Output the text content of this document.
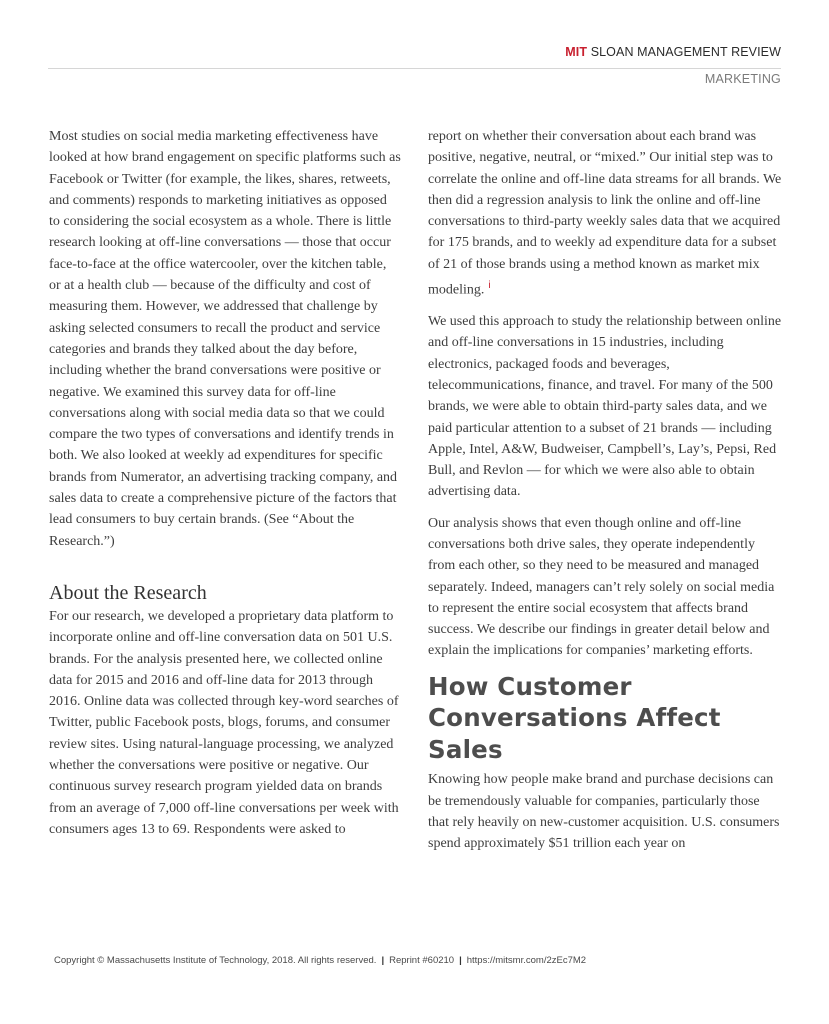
MIT SLOAN MANAGEMENT REVIEW
MARKETING

Most studies on social media marketing effectiveness have looked at how brand engagement on specific platforms such as Facebook or Twitter (for example, the likes, shares, retweets, and comments) responds to marketing initiatives as opposed to considering the social ecosystem as a whole. There is little research looking at off-line conversations — those that occur face-to-face at the office watercooler, over the kitchen table, or at a health club — because of the difficulty and cost of measuring them. However, we addressed that challenge by asking selected consumers to recall the product and service categories and brands they talked about the day before, including whether the brand conversations were positive or negative. We examined this survey data for off-line conversations along with social media data so that we could compare the two types of conversations and identify trends in both. We also looked at weekly ad expenditures for specific brands from Numerator, an advertising tracking company, and sales data to create a comprehensive picture of the factors that lead consumers to buy certain brands. (See “About the Research.”)

About the Research

For our research, we developed a proprietary data platform to incorporate online and off-line conversation data on 501 U.S. brands. For the analysis presented here, we collected online data for 2015 and 2016 and off-line data for 2013 through 2016. Online data was collected through key-word searches of Twitter, public Facebook posts, blogs, forums, and consumer review sites. Using natural-language processing, we analyzed whether the conversations were positive or negative. Our continuous survey research program yielded data on brands from an average of 7,000 off-line conversations per week with consumers ages 13 to 69. Respondents were asked to

report on whether their conversation about each brand was positive, negative, neutral, or “mixed.” Our initial step was to correlate the online and off-line data streams for all brands. We then did a regression analysis to link the online and off-line conversations to third-party weekly sales data that we acquired for 175 brands, and to weekly ad expenditure data for a subset of 21 of those brands using a method known as market mix modeling. $^i$

We used this approach to study the relationship between online and off-line conversations in 15 industries, including electronics, packaged foods and beverages, telecommunications, finance, and travel. For many of the 500 brands, we were able to obtain third-party sales data, and we paid particular attention to a subset of 21 brands — including Apple, Intel, A&W, Budweiser, Campbell’s, Lay’s, Pepsi, Red Bull, and Revlon — for which we were also able to obtain advertising data.

Our analysis shows that even though online and off-line conversations both drive sales, they operate independently from each other, so they need to be measured and managed separately. Indeed, managers can’t rely solely on social media to represent the entire social ecosystem that affects brand success. We describe our findings in greater detail below and explain the implications for companies’ marketing efforts.

How Customer Conversations Affect Sales

Knowing how people make brand and purchase decisions can be tremendously valuable for companies, particularly those that rely heavily on new-customer acquisition. U.S. consumers spend approximately $51 trillion each year on

Copyright © Massachusetts Institute of Technology, 2018. All rights reserved. | Reprint #60210 | https://mitsmr.com/2zEc7M2
